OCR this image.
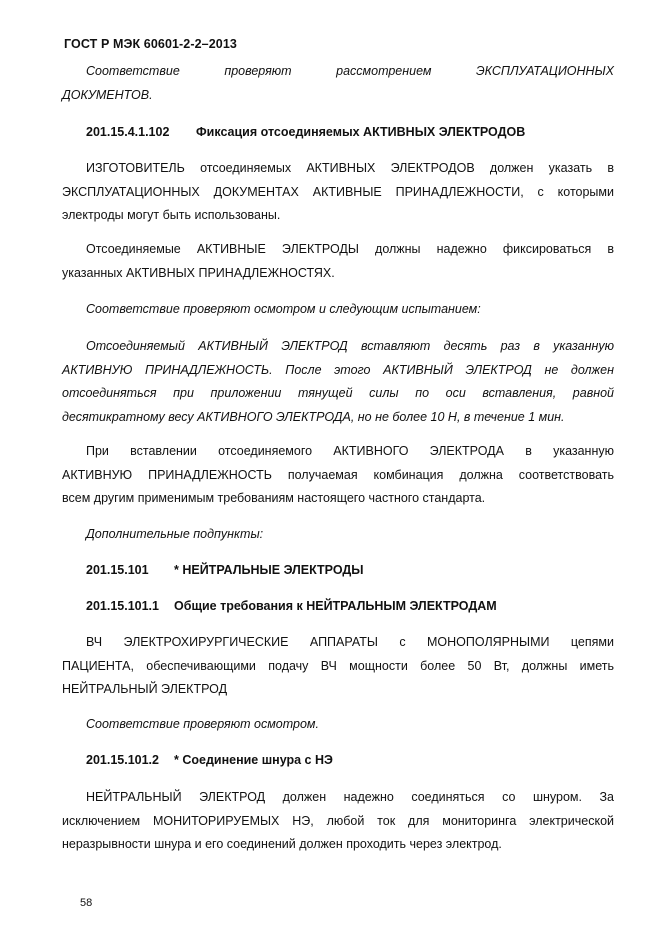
ГОСТ Р МЭК 60601-2-2–2013
Соответствие проверяют рассмотрением ЭКСПЛУАТАЦИОННЫХ
ДОКУМЕНТОВ.
201.15.4.1.102 Фиксация отсоединяемых АКТИВНЫХ ЭЛЕКТРОДОВ
ИЗГОТОВИТЕЛЬ отсоединяемых АКТИВНЫХ ЭЛЕКТРОДОВ должен указать в
ЭКСПЛУАТАЦИОННЫХ ДОКУМЕНТАХ АКТИВНЫЕ ПРИНАДЛЕЖНОСТИ, с которыми
электроды могут быть использованы.
Отсоединяемые АКТИВНЫЕ ЭЛЕКТРОДЫ должны надежно фиксироваться в
указанных АКТИВНЫХ ПРИНАДЛЕЖНОСТЯХ.
Соответствие проверяют осмотром и следующим испытанием:
Отсоединяемый АКТИВНЫЙ ЭЛЕКТРОД вставляют десять раз в указанную
АКТИВНУЮ ПРИНАДЛЕЖНОСТЬ. После этого АКТИВНЫЙ ЭЛЕКТРОД не должен
отсоединяться при приложении тянущей силы по оси вставления, равной
десятикратному весу АКТИВНОГО ЭЛЕКТРОДА, но не более 10 Н, в течение 1 мин.
При вставлении отсоединяемого АКТИВНОГО ЭЛЕКТРОДА в указанную
АКТИВНУЮ ПРИНАДЛЕЖНОСТЬ получаемая комбинация должна соответствовать
всем другим применимым требованиям настоящего частного стандарта.
Дополнительные подпункты:
201.15.101 * НЕЙТРАЛЬНЫЕ ЭЛЕКТРОДЫ
201.15.101.1 Общие требования к НЕЙТРАЛЬНЫМ ЭЛЕКТРОДАМ
ВЧ ЭЛЕКТРОХИРУРГИЧЕСКИЕ АППАРАТЫ с МОНОПОЛЯРНЫМИ цепями
ПАЦИЕНТА, обеспечивающими подачу ВЧ мощности более 50 Вт, должны иметь
НЕЙТРАЛЬНЫЙ ЭЛЕКТРОД
Соответствие проверяют осмотром.
201.15.101.2 * Соединение шнура с НЭ
НЕЙТРАЛЬНЫЙ ЭЛЕКТРОД должен надежно соединяться со шнуром. За
исключением МОНИТОРИРУЕМЫХ НЭ, любой ток для мониторинга электрической
неразрывности шнура и его соединений должен проходить через электрод.
58
